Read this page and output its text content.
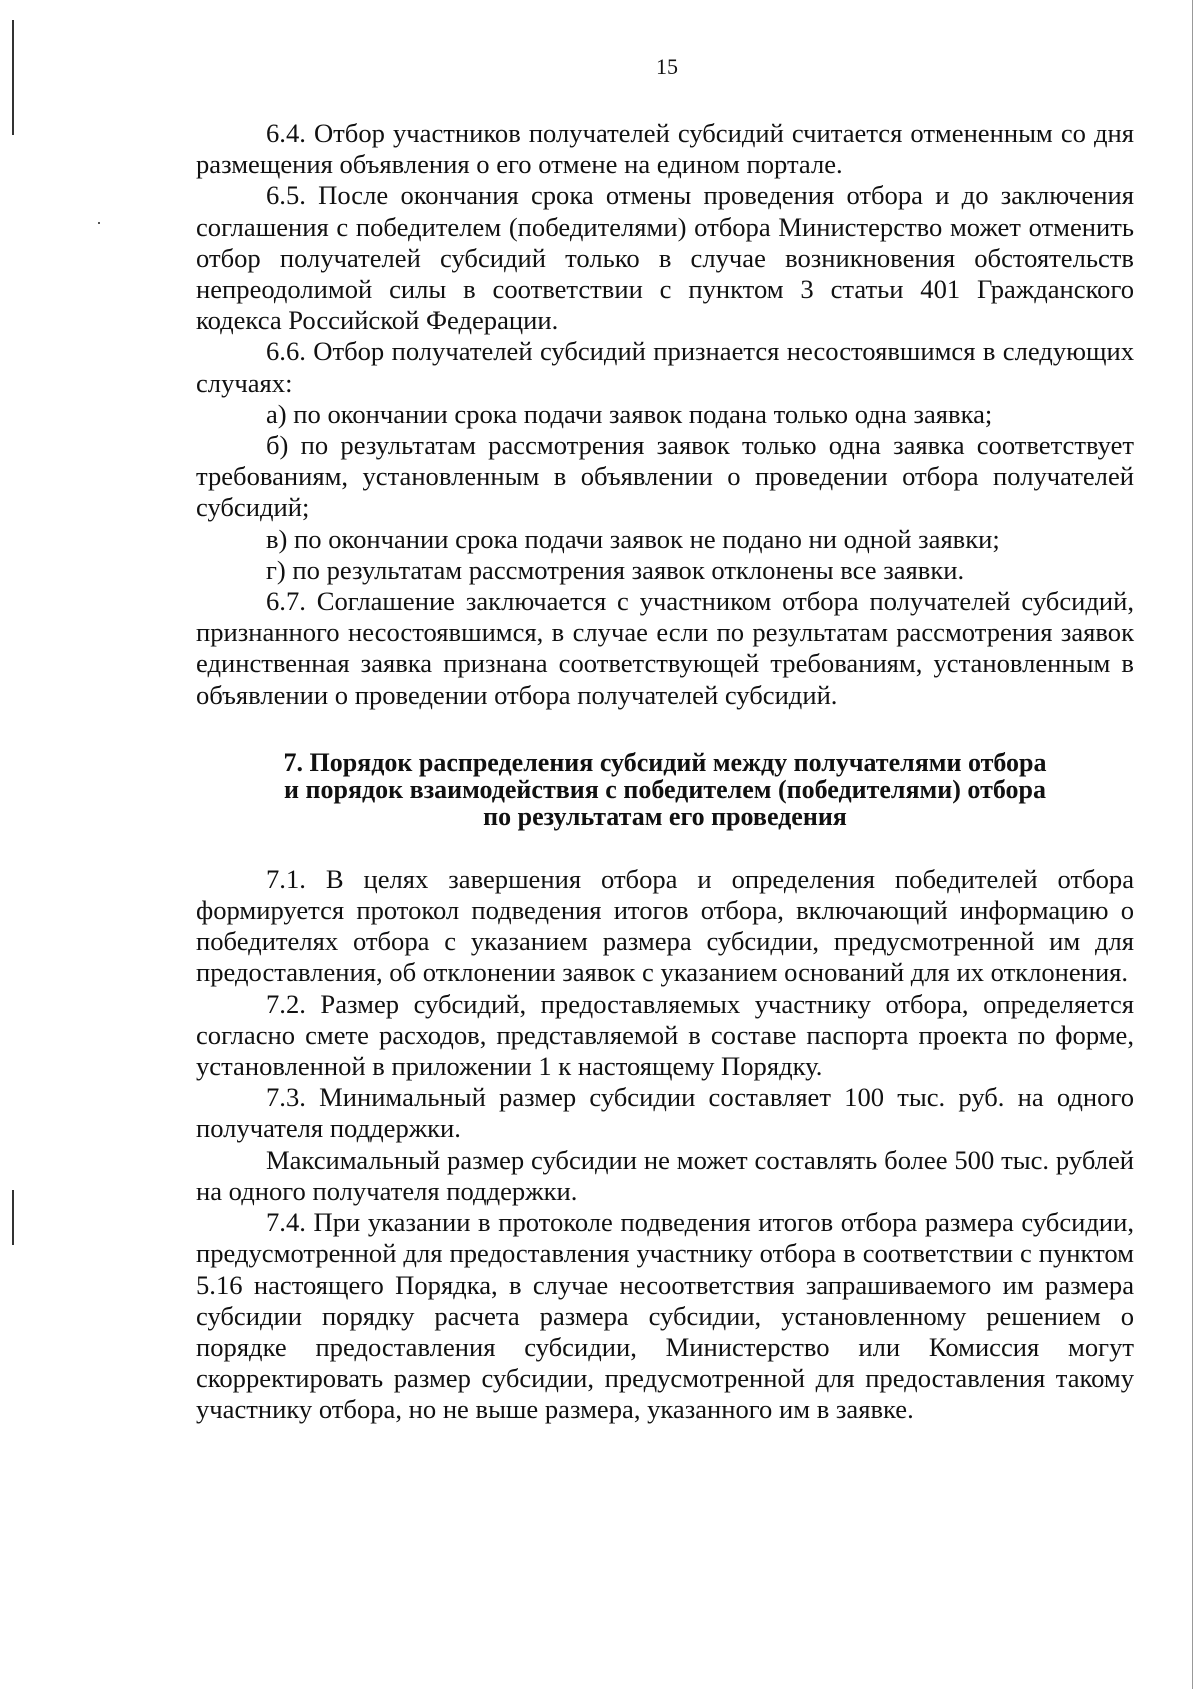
15

6.4. Отбор участников получателей субсидий считается отмененным со дня размещения объявления о его отмене на едином портале.

6.5. После окончания срока отмены проведения отбора и до заключения соглашения с победителем (победителями) отбора Министерство может отменить отбор получателей субсидий только в случае возникновения обстоятельств непреодолимой силы в соответствии с пунктом 3 статьи 401 Гражданского кодекса Российской Федерации.

6.6. Отбор получателей субсидий признается несостоявшимся в следующих случаях:

а) по окончании срока подачи заявок подана только одна заявка;

б) по результатам рассмотрения заявок только одна заявка соответствует требованиям, установленным в объявлении о проведении отбора получателей субсидий;

в) по окончании срока подачи заявок не подано ни одной заявки;

г) по результатам рассмотрения заявок отклонены все заявки.

6.7. Соглашение заключается с участником отбора получателей субсидий, признанного несостоявшимся, в случае если по результатам рассмотрения заявок единственная заявка признана соответствующей требованиям, установленным в объявлении о проведении отбора получателей субсидий.

7. Порядок распределения субсидий между получателями отбора
и порядок взаимодействия с победителем (победителями) отбора
по результатам его проведения

7.1. В целях завершения отбора и определения победителей отбора формируется протокол подведения итогов отбора, включающий информацию о победителях отбора с указанием размера субсидии, предусмотренной им для предоставления, об отклонении заявок с указанием оснований для их отклонения.

7.2. Размер субсидий, предоставляемых участнику отбора, определяется согласно смете расходов, представляемой в составе паспорта проекта по форме, установленной в приложении 1 к настоящему Порядку.

7.3. Минимальный размер субсидии составляет 100 тыс. руб. на одного получателя поддержки.

Максимальный размер субсидии не может составлять более 500 тыс. рублей на одного получателя поддержки.

7.4. При указании в протоколе подведения итогов отбора размера субсидии, предусмотренной для предоставления участнику отбора в соответствии с пунктом 5.16 настоящего Порядка, в случае несоответствия запрашиваемого им размера субсидии порядку расчета размера субсидии, установленному решением о порядке предоставления субсидии, Министерство или Комиссия могут скорректировать размер субсидии, предусмотренной для предоставления такому участнику отбора, но не выше размера, указанного им в заявке.
